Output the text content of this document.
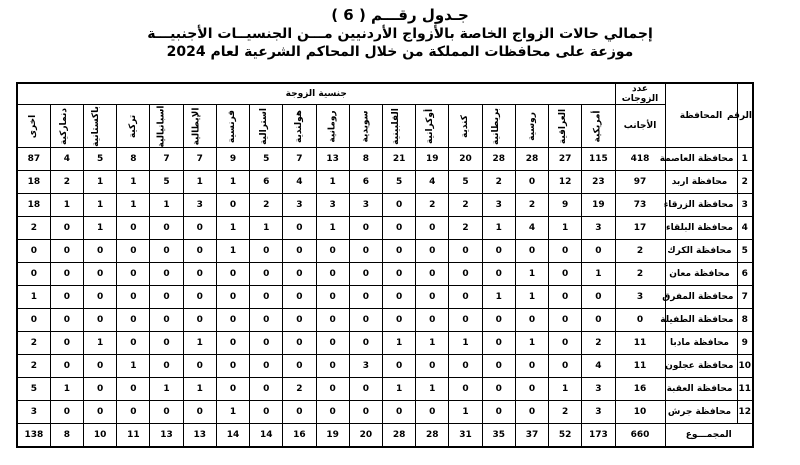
جـدول رقـــم ( 6 )
إجمالي حالات الزواج الخاصة بالأزواج الأردنيين مـــن الجنسيــات الأجنبيـــة
موزعة على محافظات المملكة من خلال المحاكم الشرعية لعام 2024
الرقم	المحافظة	عدد الزوجات	جنسية الزوجة																	
		الأجانب	أمريكية	العراقية	روسية	بريطانية	كندية	أوكرانية	الفلبينية	سويدية	رومانية	هولندية	استرالية	فرنسية	الإيطالية	اسبانيالية	تركية	باكستانية	دنماركية	اخرى
1	محافظة العاصمة	418	115	27	28	28	20	19	21	8	13	7	5	9	7	7	8	5	4	87
2	محافظة اربد	97	23	12	0	2	5	4	5	6	1	4	6	1	1	5	1	1	2	18
3	محافظة الزرقاء	73	19	9	2	3	2	2	0	3	3	3	2	0	3	1	1	1	1	18
4	محافظة البلقاء	17	3	1	4	1	2	0	0	0	1	0	1	1	0	0	0	1	0	2
5	محافظة الكرك	2	0	0	0	0	0	0	0	0	0	0	0	1	0	0	0	0	0	0
6	محافظة معان	2	1	0	1	0	0	0	0	0	0	0	0	0	0	0	0	0	0	0
7	محافظة المفرق	3	0	0	1	1	0	0	0	0	0	0	0	0	0	0	0	0	0	1
8	محافظة الطفيلة	0	0	0	0	0	0	0	0	0	0	0	0	0	0	0	0	0	0	0
9	محافظة مادبا	11	2	0	1	0	1	1	1	0	0	0	0	0	1	0	0	1	0	2
10	محافظة عجلون	11	4	0	0	0	0	0	0	3	0	0	0	0	0	0	1	0	0	2
11	محافظة العقبة	16	3	1	0	0	0	1	1	0	0	2	0	0	1	1	0	0	1	5
12	محافظة جرش	10	3	2	0	0	1	0	0	0	0	0	0	1	0	0	0	0	0	3
المجمـــوع		660	173	52	37	35	31	28	28	20	19	16	14	14	13	13	11	10	8	138
